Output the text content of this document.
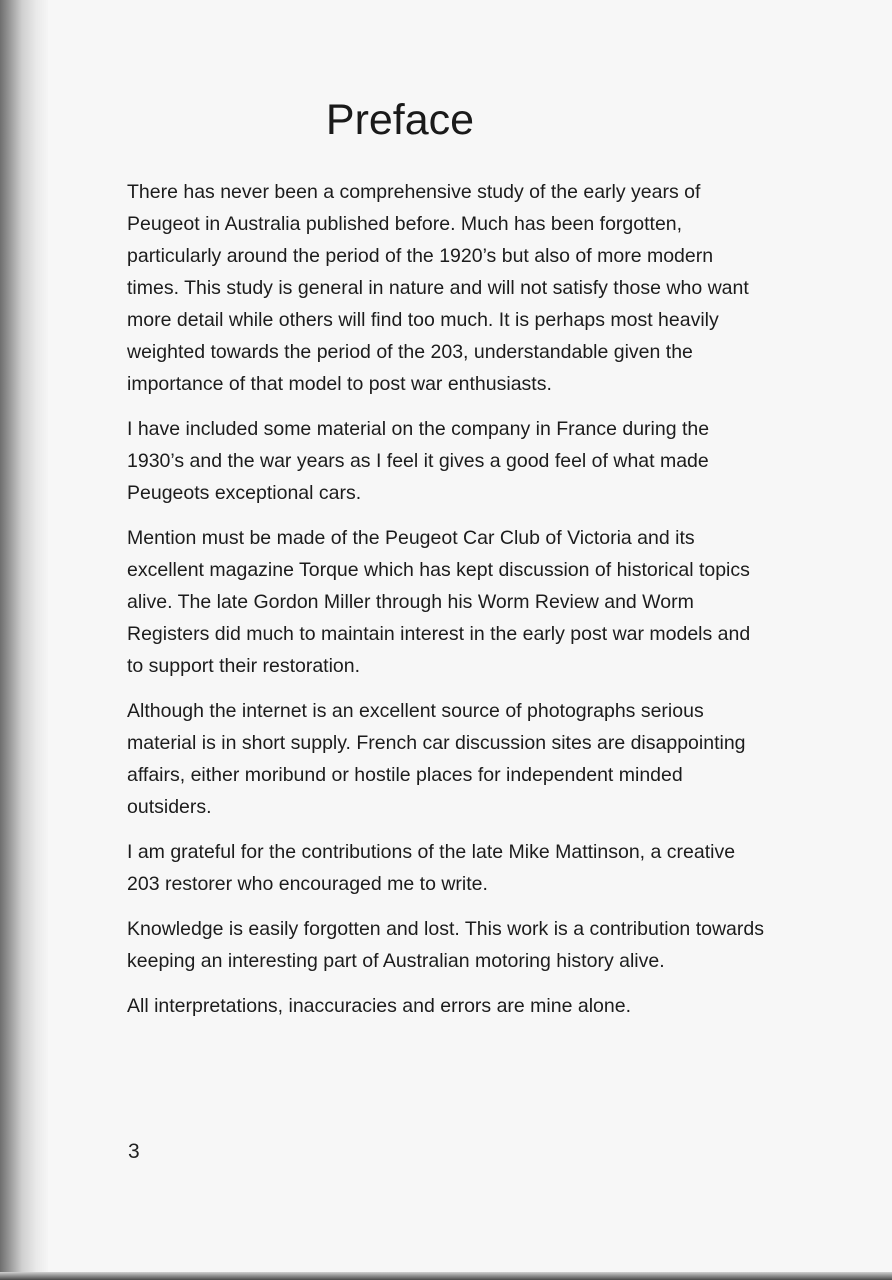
Preface

There has never been a comprehensive study of the early years of Peugeot in Australia published before. Much has been forgotten, particularly around the period of the 1920’s but also of more modern times. This study is general in nature and will not satisfy those who want more detail while others will find too much. It is perhaps most heavily weighted towards the period of the 203, understandable given the importance of that model to post war enthusiasts.

I have included some material on the company in France during the 1930’s and the war years as I feel it gives a good feel of what made Peugeots exceptional cars.

Mention must be made of the Peugeot Car Club of Victoria and its excellent magazine Torque which has kept discussion of historical topics alive. The late Gordon Miller through his Worm Review and Worm Registers did much to maintain interest in the early post war models and to support their restoration.

Although the internet is an excellent source of photographs serious material is in short supply. French car discussion sites are disappointing affairs, either moribund or hostile places for independent minded outsiders.

I am grateful for the contributions of the late Mike Mattinson, a creative 203 restorer who encouraged me to write.

Knowledge is easily forgotten and lost. This work is a contribution towards keeping an interesting part of Australian motoring history alive.

All interpretations, inaccuracies and errors are mine alone.

3
